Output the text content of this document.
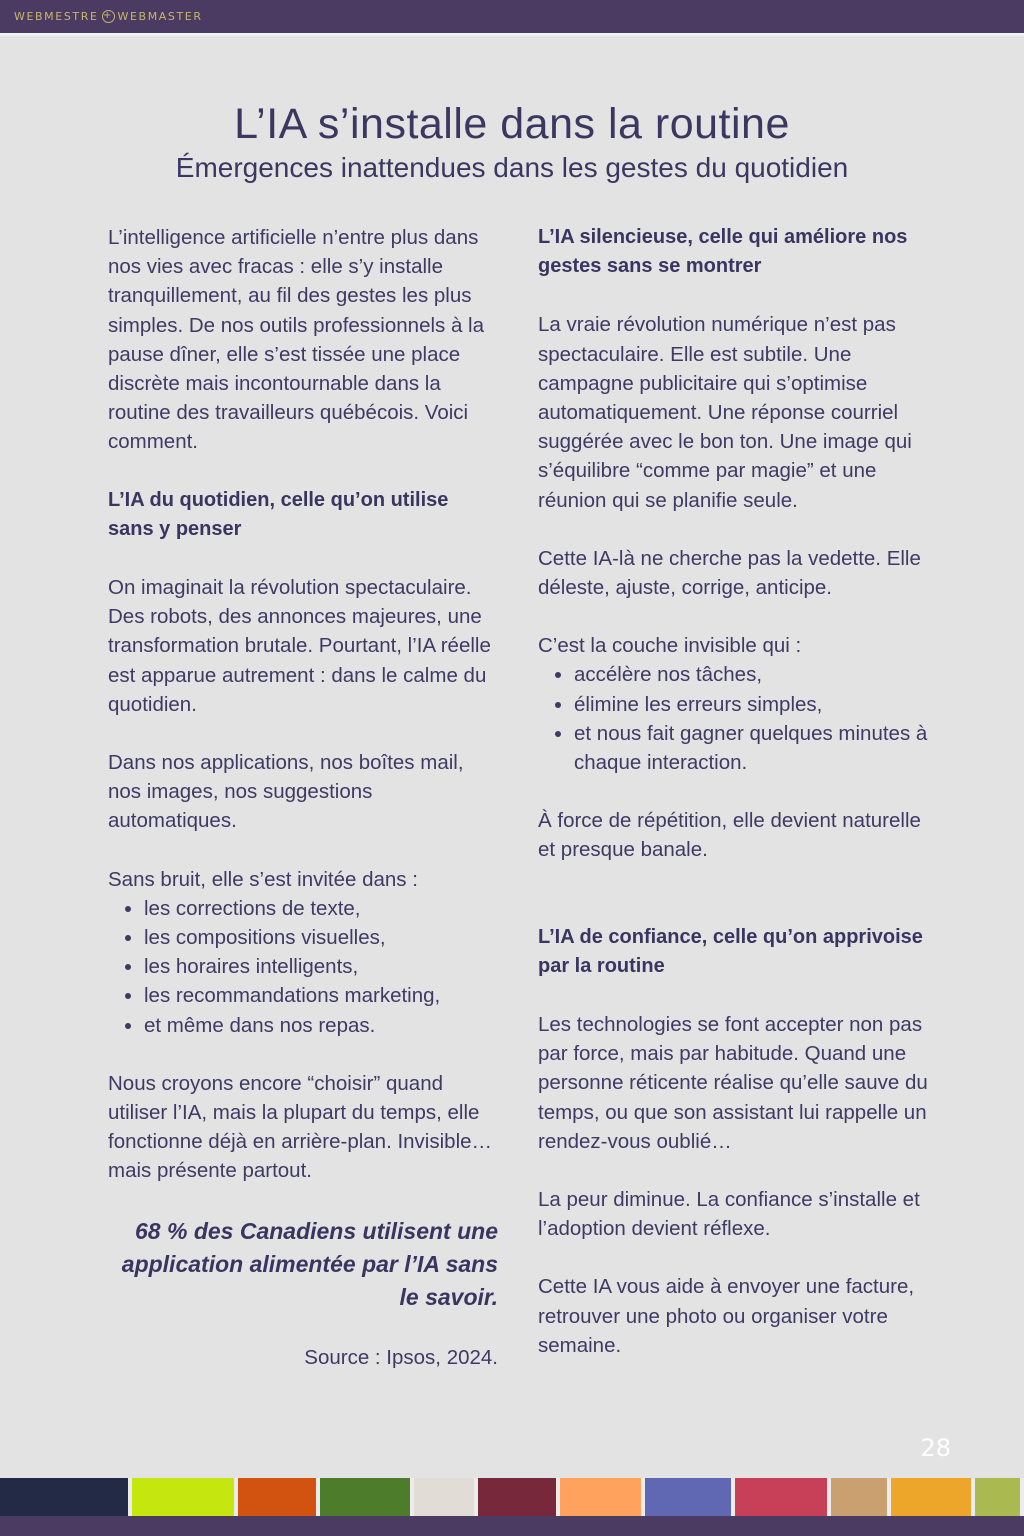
WEBMESTRE + WEBMASTER
L’IA s’installe dans la routine
Émergences inattendues dans les gestes du quotidien

L’intelligence artificielle n’entre plus dans nos vies avec fracas : elle s’y installe tranquillement, au fil des gestes les plus simples. De nos outils professionnels à la pause dîner, elle s’est tissée une place discrète mais incontournable dans la routine des travailleurs québécois. Voici comment.

L’IA du quotidien, celle qu’on utilise sans y penser

On imaginait la révolution spectaculaire. Des robots, des annonces majeures, une transformation brutale. Pourtant, l’IA réelle est apparue autrement : dans le calme du quotidien.

Dans nos applications, nos boîtes mail, nos images, nos suggestions automatiques.

Sans bruit, elle s’est invitée dans :

• les corrections de texte,
• les compositions visuelles,
• les horaires intelligents,
• les recommandations marketing,
• et même dans nos repas.

Nous croyons encore “choisir” quand utiliser l’IA, mais la plupart du temps, elle fonctionne déjà en arrière-plan. Invisible… mais présente partout.

68 % des Canadiens utilisent une application alimentée par l’IA sans le savoir.

Source : Ipsos, 2024.

L’IA silencieuse, celle qui améliore nos gestes sans se montrer

La vraie révolution numérique n’est pas spectaculaire. Elle est subtile. Une campagne publicitaire qui s’optimise automatiquement. Une réponse courriel suggérée avec le bon ton. Une image qui s’équilibre “comme par magie” et une réunion qui se planifie seule.

Cette IA-là ne cherche pas la vedette. Elle déleste, ajuste, corrige, anticipe.

C’est la couche invisible qui :

• accélère nos tâches,
• élimine les erreurs simples,
• et nous fait gagner quelques minutes à chaque interaction.

À force de répétition, elle devient naturelle et presque banale.

L’IA de confiance, celle qu’on apprivoise par la routine

Les technologies se font accepter non pas par force, mais par habitude. Quand une personne réticente réalise qu’elle sauve du temps, ou que son assistant lui rappelle un rendez-vous oublié…

La peur diminue. La confiance s’installe et l’adoption devient réflexe.

Cette IA vous aide à envoyer une facture, retrouver une photo ou organiser votre semaine.

28
